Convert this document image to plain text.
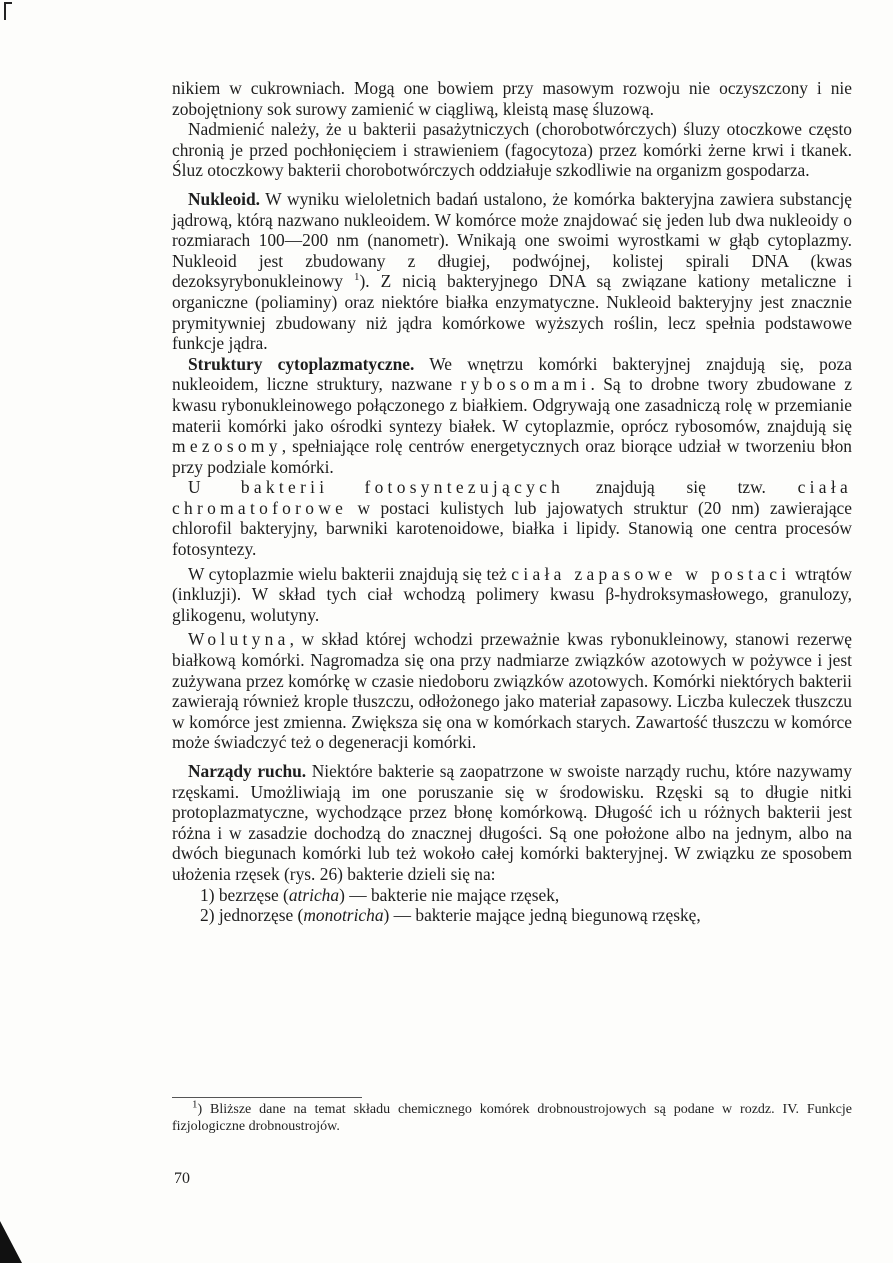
nikiem w cukrowniach. Mogą one bowiem przy masowym rozwoju nie oczyszczony i nie zobojętniony sok surowy zamienić w ciągliwą, kleistą masę śluzową.

Nadmienić należy, że u bakterii pasażytniczych (chorobotwórczych) śluzy otoczkowe często chronią je przed pochłonięciem i strawieniem (fagocytoza) przez komórki żerne krwi i tkanek. Śluz otoczkowy bakterii chorobotwórczych oddziałuje szkodliwie na organizm gospodarza.

Nukleoid. W wyniku wieloletnich badań ustalono, że komórka bakteryjna zawiera substancję jądrową, którą nazwano nukleoidem. W komórce może znajdować się jeden lub dwa nukleoidy o rozmiarach 100—200 nm (nanometr). Wnikają one swoimi wyrostkami w głąb cytoplazmy. Nukleoid jest zbudowany z długiej, podwójnej, kolistej spirali DNA (kwas dezoksyrybonukleinowy $^1$). Z nicią bakteryjnego DNA są związane kationy metaliczne i organiczne (poliaminy) oraz niektóre białka enzymatyczne. Nukleoid bakteryjny jest znacznie prymitywniej zbudowany niż jądra komórkowe wyższych roślin, lecz spełnia podstawowe funkcje jądra.

Struktury cytoplazmatyczne. We wnętrzu komórki bakteryjnej znajdują się, poza nukleoidem, liczne struktury, nazwane rybosomami. Są to drobne twory zbudowane z kwasu rybonukleinowego połączonego z białkiem. Odgrywają one zasadniczą rolę w przemianie materii komórki jako ośrodki syntezy białek. W cytoplazmie, oprócz rybosomów, znajdują się mezosomy, spełniające rolę centrów energetycznych oraz biorące udział w tworzeniu błon przy podziale komórki.

U bakterii fotosyntezujących znajdują się tzw. ciała chromatoforowe w postaci kulistych lub jajowatych struktur (20 nm) zawierające chlorofil bakteryjny, barwniki karotenoidowe, białka i lipidy. Stanowią one centra procesów fotosyntezy.

W cytoplazmie wielu bakterii znajdują się też ciała zapasowe w postaci wtrątów (inkluzji). W skład tych ciał wchodzą polimery kwasu β-hydroksymasłowego, granulozy, glikogenu, wolutyny.

Wolutyna, w skład której wchodzi przeważnie kwas rybonukleinowy, stanowi rezerwę białkową komórki. Nagromadza się ona przy nadmiarze związków azotowych w pożywce i jest zużywana przez komórkę w czasie niedoboru związków azotowych. Komórki niektórych bakterii zawierają również krople tłuszczu, odłożonego jako materiał zapasowy. Liczba kuleczek tłuszczu w komórce jest zmienna. Zwiększa się ona w komórkach starych. Zawartość tłuszczu w komórce może świadczyć też o degeneracji komórki.

Narządy ruchu. Niektóre bakterie są zaopatrzone w swoiste narządy ruchu, które nazywamy rzęskami. Umożliwiają im one poruszanie się w środowisku. Rzęski są to długie nitki protoplazmatyczne, wychodzące przez błonę komórkową. Długość ich u różnych bakterii jest różna i w zasadzie dochodzą do znacznej długości. Są one położone albo na jednym, albo na dwóch biegunach komórki lub też wokoło całej komórki bakteryjnej. W związku ze sposobem ułożenia rzęsek (rys. 26) bakterie dzieli się na:

1) bezrzęse (atricha) — bakterie nie mające rzęsek,

2) jednorzęse (monotricha) — bakterie mające jedną biegunową rzęskę,

$^1$) Bliższe dane na temat składu chemicznego komórek drobnoustrojowych są podane w rozdz. IV. Funkcje fizjologiczne drobnoustrojów.

70
